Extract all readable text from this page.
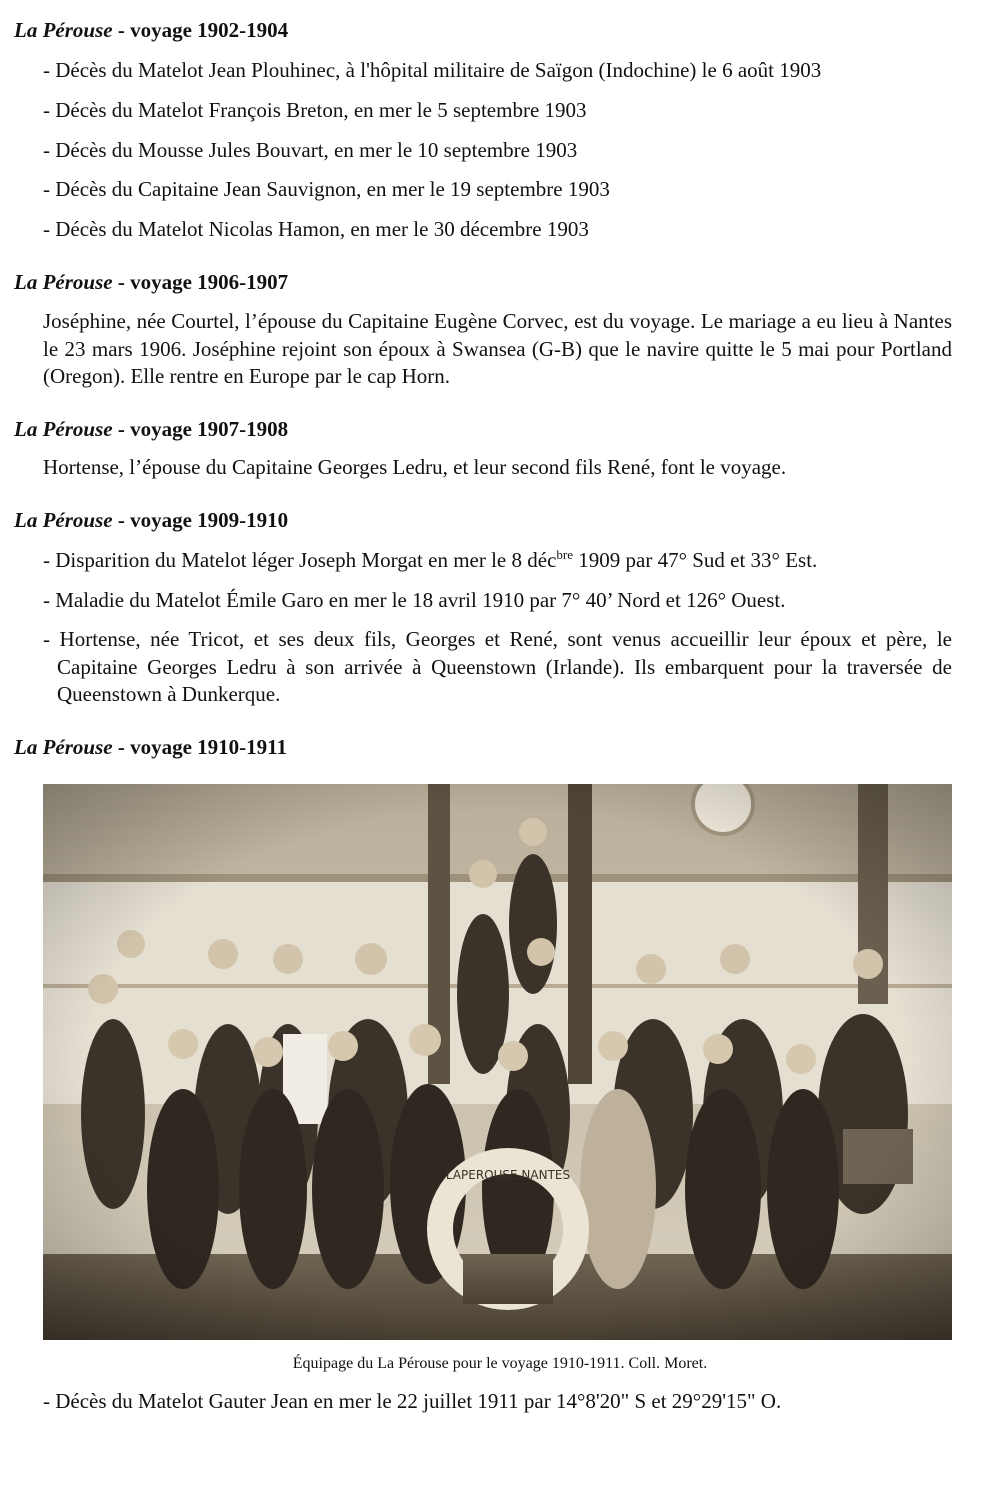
La Pérouse - voyage 1902-1904
- Décès du Matelot Jean Plouhinec, à l'hôpital militaire de Saïgon (Indochine) le 6 août 1903
- Décès du Matelot François Breton, en mer le 5 septembre 1903
- Décès du Mousse Jules Bouvart, en mer le 10 septembre 1903
- Décès du Capitaine Jean Sauvignon, en mer le 19 septembre 1903
- Décès du Matelot Nicolas Hamon, en mer le 30 décembre 1903
La Pérouse - voyage 1906-1907
Joséphine, née Courtel, l’épouse du Capitaine Eugène Corvec, est du voyage. Le mariage a eu lieu à Nantes le 23 mars 1906. Joséphine rejoint son époux à Swansea (G-B) que le navire quitte le 5 mai pour Portland (Oregon). Elle rentre en Europe par le cap Horn.
La Pérouse - voyage 1907-1908
Hortense, l’épouse du Capitaine Georges Ledru, et leur second fils René, font le voyage.
La Pérouse - voyage 1909-1910
- Disparition du Matelot léger Joseph Morgat en mer le 8 déc$^{bre}$ 1909 par 47° Sud et 33° Est.
- Maladie du Matelot Émile Garo en mer le 18 avril 1910 par 7° 40’ Nord et 126° Ouest.
- Hortense, née Tricot, et ses deux fils, Georges et René, sont venus accueillir leur époux et père, le Capitaine Georges Ledru à son arrivée à Queenstown (Irlande). Ils embarquent pour la traversée de Queenstown à Dunkerque.
La Pérouse - voyage 1910-1911
Équipage du La Pérouse pour le voyage 1910-1911. Coll. Moret.
- Décès du Matelot Gauter Jean en mer le 22 juillet 1911 par 14°8'20" S et 29°29'15" O.
